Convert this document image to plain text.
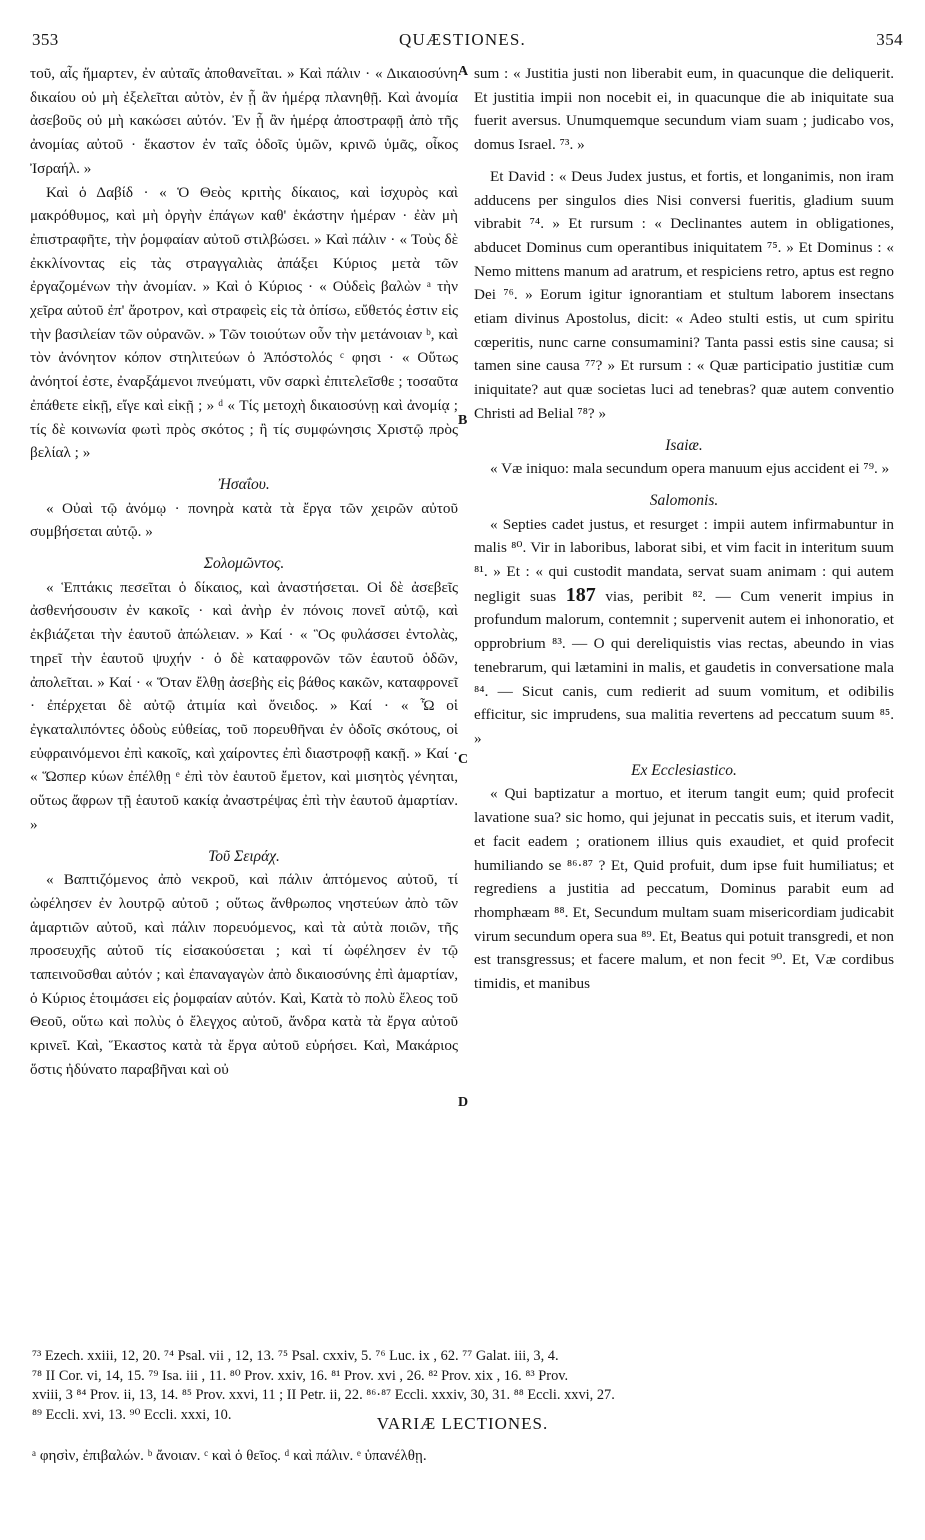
353	QUÆSTIONES.	354

τοῦ, αἷς ἥμαρτεν, ἐν αὐταῖς ἀποθανεῖται. » Καὶ πάλιν · « Δικαιοσύνη δικαίου οὐ μὴ ἐξελεῖται αὐτὸν, ἐν ᾗ ἂν ἡμέρᾳ πλανηθῇ. Καὶ ἀνομία ἀσεβοῦς οὐ μὴ κακώσει αὐτόν. Ἐν ᾗ ἂν ἡμέρᾳ ἀποστραφῇ ἀπὸ τῆς ἀνομίας αὐτοῦ · ἕκαστον ἐν ταῖς ὁδοῖς ὑμῶν, κρινῶ ὑμᾶς, οἶκος Ἰσραήλ. »

Καὶ ὁ Δαβίδ · « Ὁ Θεὸς κριτὴς δίκαιος, καὶ ἰσχυρὸς καὶ μακρόθυμος, καὶ μὴ ὀργὴν ἐπάγων καθ' ἑκάστην ἡμέραν · ἐὰν μὴ ἐπιστραφῆτε, τὴν ῥομφαίαν αὐτοῦ στιλβώσει. » Καὶ πάλιν · « Τοὺς δὲ ἐκκλίνοντας εἰς τὰς στραγγαλιὰς ἀπάξει Κύριος μετὰ τῶν ἐργαζομένων τὴν ἀνομίαν. » Καὶ ὁ Κύριος · « Οὐδεὶς βαλὼν ᵃ τὴν χεῖρα αὐτοῦ ἐπ' ἄροτρον, καὶ στραφεὶς εἰς τὰ ὀπίσω, εὔθετός ἐστιν εἰς τὴν βασιλείαν τῶν οὐρανῶν. » Τῶν τοιούτων οὖν τὴν μετάνοιαν ᵇ, καὶ τὸν ἀνόνητον κόπον στηλιτεύων ὁ Ἀπόστολός ᶜ φησι · « Οὕτως ἀνόητοί ἐστε, ἐναρξάμενοι πνεύματι, νῦν σαρκὶ ἐπιτελεῖσθε ; τοσαῦτα ἐπάθετε εἰκῇ, εἴγε καὶ εἰκῇ ; » ᵈ « Τίς μετοχὴ δικαιοσύνῃ καὶ ἀνομίᾳ ; τίς δὲ κοινωνία φωτὶ πρὸς σκότος ; ἢ τίς συμφώνησις Χριστῷ πρὸς βελίαλ ; »

Ἠσαΐου.

« Οὐαὶ τῷ ἀνόμῳ · πονηρὰ κατὰ τὰ ἔργα τῶν χειρῶν αὐτοῦ συμβήσεται αὐτῷ. »

Σολομῶντος.

« Ἑπτάκις πεσεῖται ὁ δίκαιος, καὶ ἀναστήσεται. Οἱ δὲ ἀσεβεῖς ἀσθενήσουσιν ἐν κακοῖς · καὶ ἀνὴρ ἐν πόνοις πονεῖ αὑτῷ, καὶ ἐκβιάζεται τὴν ἑαυτοῦ ἀπώλειαν. » Καί · « Ὃς φυλάσσει ἐντολὰς, τηρεῖ τὴν ἑαυτοῦ ψυχήν · ὁ δὲ καταφρονῶν τῶν ἑαυτοῦ ὁδῶν, ἀπολεῖται. » Καί · « Ὅταν ἔλθῃ ἀσεβὴς εἰς βάθος κακῶν, καταφρονεῖ · ἐπέρχεται δὲ αὐτῷ ἀτιμία καὶ ὄνειδος. » Καί · « Ὦ οἱ ἐγκαταλιπόντες ὁδοὺς εὐθείας, τοῦ πορευθῆναι ἐν ὁδοῖς σκότους, οἱ εὐφραινόμενοι ἐπὶ κακοῖς, καὶ χαίροντες ἐπὶ διαστροφῇ κακῇ. » Καί · « Ὥσπερ κύων ἐπέλθῃ ᵉ ἐπὶ τὸν ἑαυτοῦ ἔμετον, καὶ μισητὸς γένηται, οὕτως ἄφρων τῇ ἑαυτοῦ κακίᾳ ἀναστρέψας ἐπὶ τὴν ἑαυτοῦ ἁμαρτίαν. »

Τοῦ Σειράχ.

« Βαπτιζόμενος ἀπὸ νεκροῦ, καὶ πάλιν ἁπτόμενος αὐτοῦ, τί ὠφέλησεν ἐν λουτρῷ αὐτοῦ ; οὕτως ἄνθρωπος νηστεύων ἀπὸ τῶν ἁμαρτιῶν αὐτοῦ, καὶ πάλιν πορευόμενος, καὶ τὰ αὐτὰ ποιῶν, τῆς προσευχῆς αὐτοῦ τίς εἰσακούσεται ; καὶ τί ὠφέλησεν ἐν τῷ ταπεινοῦσθαι αὐτόν ; καὶ ἐπαναγαγὼν ἀπὸ δικαιοσύνης ἐπὶ ἁμαρτίαν, ὁ Κύριος ἑτοιμάσει εἰς ῥομφαίαν αὐτόν. Καὶ, Κατὰ τὸ πολὺ ἔλεος τοῦ Θεοῦ, οὕτω καὶ πολὺς ὁ ἔλεγχος αὐτοῦ, ἄνδρα κατὰ τὰ ἔργα αὐτοῦ κρινεῖ. Καὶ, Ἕκαστος κατὰ τὰ ἔργα αὐτοῦ εὑρήσει. Καὶ, Μακάριος ὅστις ἠδύνατο παραβῆναι καὶ οὐ

A
B
C
D

sum : « Justitia justi non liberabit eum, in quacunque die deliquerit. Et justitia impii non nocebit ei, in quacunque die ab iniquitate sua fuerit aversus. Unumquemque secundum viam suam ; judicabo vos, domus Israel. ⁷³. »

Et David : « Deus Judex justus, et fortis, et longanimis, non iram adducens per singulos dies Nisi conversi fueritis, gladium suum vibrabit ⁷⁴. » Et rursum : « Declinantes autem in obligationes, abducet Dominus cum operantibus iniquitatem ⁷⁵. » Et Dominus : « Nemo mittens manum ad aratrum, et respiciens retro, aptus est regno Dei ⁷⁶. » Eorum igitur ignorantiam et stultum laborem insectans etiam divinus Apostolus, dicit: « Adeo stulti estis, ut cum spiritu cœperitis, nunc carne consumamini? Tanta passi estis sine causa; si tamen sine causa ⁷⁷? » Et rursum : « Quæ participatio justitiæ cum iniquitate? aut quæ societas luci ad tenebras? quæ autem conventio Christi ad Belial ⁷⁸? »

Isaiæ.

« Væ iniquo: mala secundum opera manuum ejus accident ei ⁷⁹. »

Salomonis.

« Septies cadet justus, et resurget : impii autem infirmabuntur in malis ⁸⁰. Vir in laboribus, laborat sibi, et vim facit in interitum suum ⁸¹. » Et : « qui custodit mandata, servat suam animam : qui autem negligit suas 187 vias, peribit ⁸². — Cum venerit impius in profundum malorum, contemnit ; supervenit autem ei inhonoratio, et opprobrium ⁸³. — O qui dereliquistis vias rectas, abeundo in vias tenebrarum, qui lætamini in malis, et gaudetis in conversatione mala ⁸⁴. — Sicut canis, cum redierit ad suum vomitum, et odibilis efficitur, sic imprudens, sua malitia revertens ad peccatum suum ⁸⁵. »

Ex Ecclesiastico.

« Qui baptizatur a mortuo, et iterum tangit eum; quid profecit lavatione sua? sic homo, qui jejunat in peccatis suis, et iterum vadit, et facit eadem ; orationem illius quis exaudiet, et quid profecit humiliando se ⁸⁶·⁸⁷ ? Et, Quid profuit, dum ipse fuit humiliatus; et regrediens a justitia ad peccatum, Dominus parabit eum ad rhomphæam ⁸⁸. Et, Secundum multam suam misericordiam judicabit virum secundum opera sua ⁸⁹. Et, Beatus qui potuit transgredi, et non est transgressus; et facere malum, et non fecit ⁹⁰. Et, Væ cordibus timidis, et manibus

⁷³ Ezech. xxiii, 12, 20. ⁷⁴ Psal. vii , 12, 13. ⁷⁵ Psal. cxxiv, 5. ⁷⁶ Luc. ix , 62. ⁷⁷ Galat. iii, 3, 4.

⁷⁸ II Cor. vi, 14, 15. ⁷⁹ Isa. iii , 11. ⁸⁰ Prov. xxiv, 16. ⁸¹ Prov. xvi , 26. ⁸² Prov. xix , 16. ⁸³ Prov.

xviii, 3 ⁸⁴ Prov. ii, 13, 14. ⁸⁵ Prov. xxvi, 11 ; II Petr. ii, 22. ⁸⁶·⁸⁷ Eccli. xxxiv, 30, 31. ⁸⁸ Eccli. xxvi, 27.

⁸⁹ Eccli. xvi, 13. ⁹⁰ Eccli. xxxi, 10.	VARIÆ LECTIONES.
ᵃ φησὶν, ἐπιβαλών. ᵇ ἄνοιαν. ᶜ καὶ ὁ θεῖος. ᵈ καὶ πάλιν. ᵉ ὑπανέλθῃ.
